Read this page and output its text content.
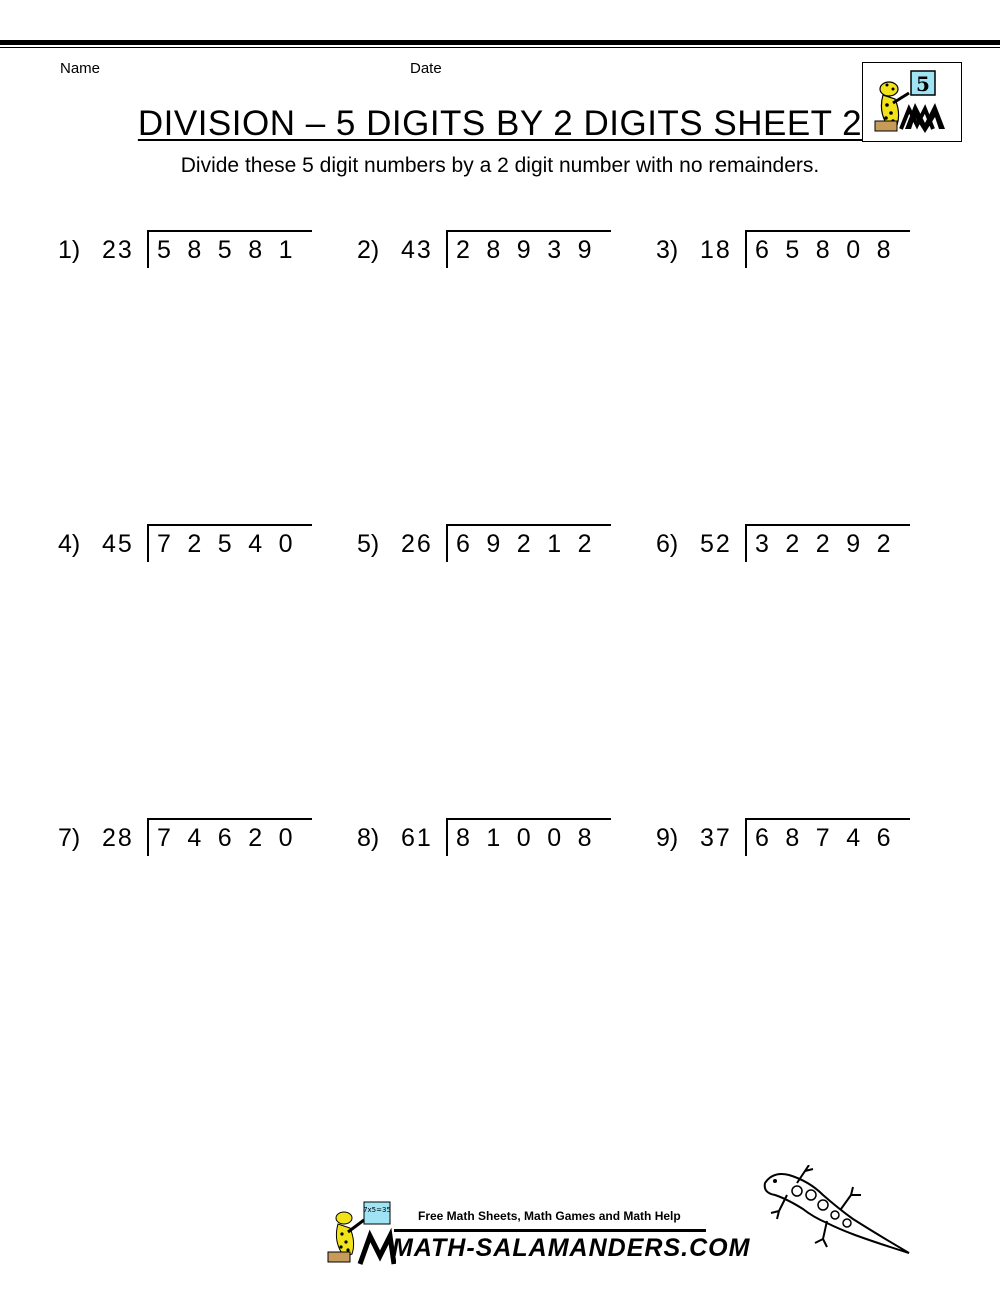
Name	Date
5
DIVISION – 5 DIGITS BY 2 DIGITS SHEET 2
Divide these 5 digit numbers by a 2 digit number with no remainders.
1) 23 58581 2) 43 28939 3) 18 65808
4) 45 72540 5) 26 69212 6) 52 32292
7) 28 74620 8) 61 81008 9) 37 68746
7x5=35 Free Math Sheets, Math Games and Math Help
MATH-SALAMANDERS.COM
